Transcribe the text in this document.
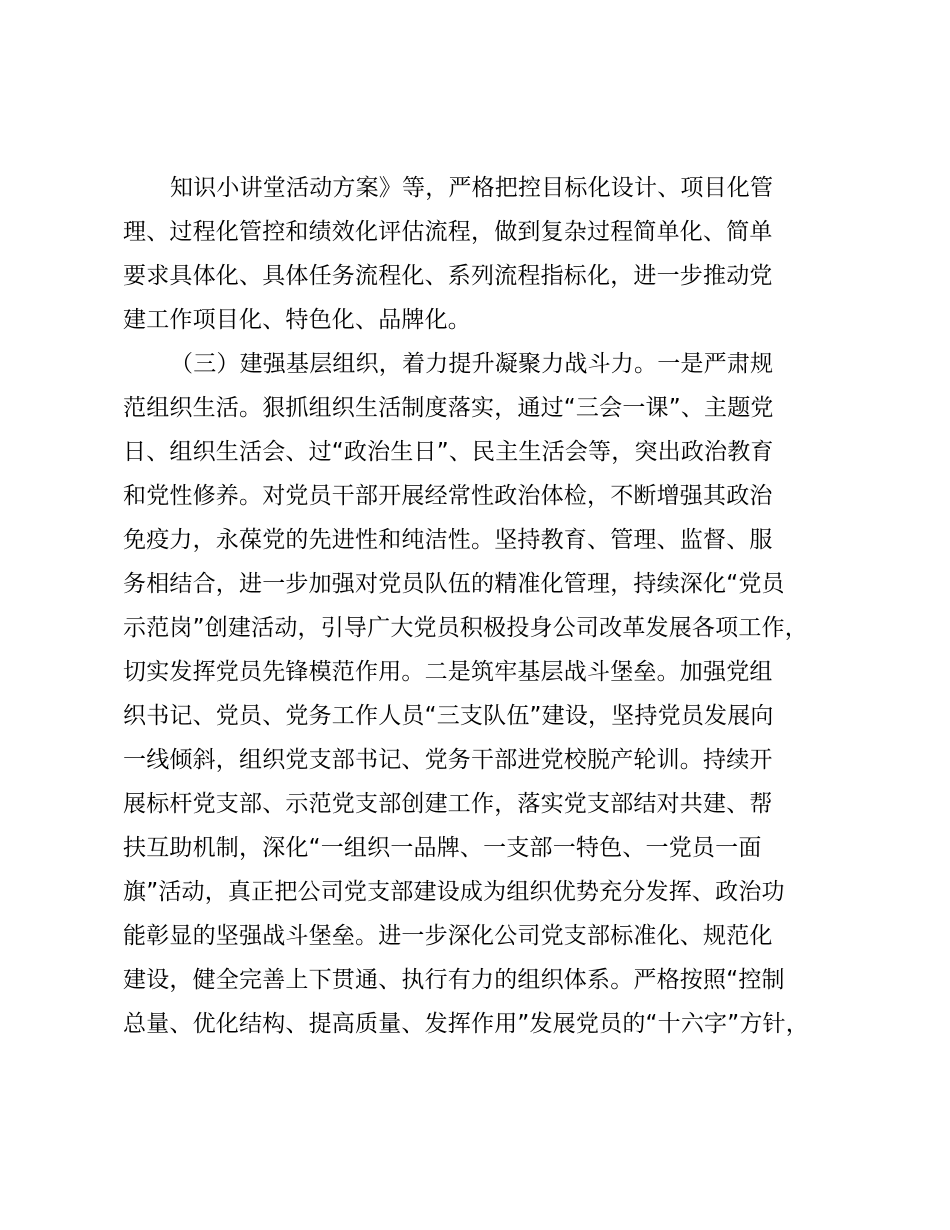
知识小讲堂活动方案》等，严格把控目标化设计、项目化管
理、过程化管控和绩效化评估流程，做到复杂过程简单化、简单
要求具体化、具体任务流程化、系列流程指标化，进一步推动党
建工作项目化、特色化、品牌化。
（三）建强基层组织，着力提升凝聚力战斗力。一是严肃规
范组织生活。狠抓组织生活制度落实，通过“三会一课”、主题党
日、组织生活会、过“政治生日”、民主生活会等，突出政治教育
和党性修养。对党员干部开展经常性政治体检，不断增强其政治
免疫力，永葆党的先进性和纯洁性。坚持教育、管理、监督、服
务相结合，进一步加强对党员队伍的精准化管理，持续深化“党员
示范岗”创建活动，引导广大党员积极投身公司改革发展各项工作，
切实发挥党员先锋模范作用。二是筑牢基层战斗堡垒。加强党组
织书记、党员、党务工作人员“三支队伍”建设，坚持党员发展向
一线倾斜，组织党支部书记、党务干部进党校脱产轮训。持续开
展标杆党支部、示范党支部创建工作，落实党支部结对共建、帮
扶互助机制，深化“一组织一品牌、一支部一特色、一党员一面
旗”活动，真正把公司党支部建设成为组织优势充分发挥、政治功
能彰显的坚强战斗堡垒。进一步深化公司党支部标准化、规范化
建设，健全完善上下贯通、执行有力的组织体系。严格按照“控制
总量、优化结构、提高质量、发挥作用”发展党员的“十六字”方针，
